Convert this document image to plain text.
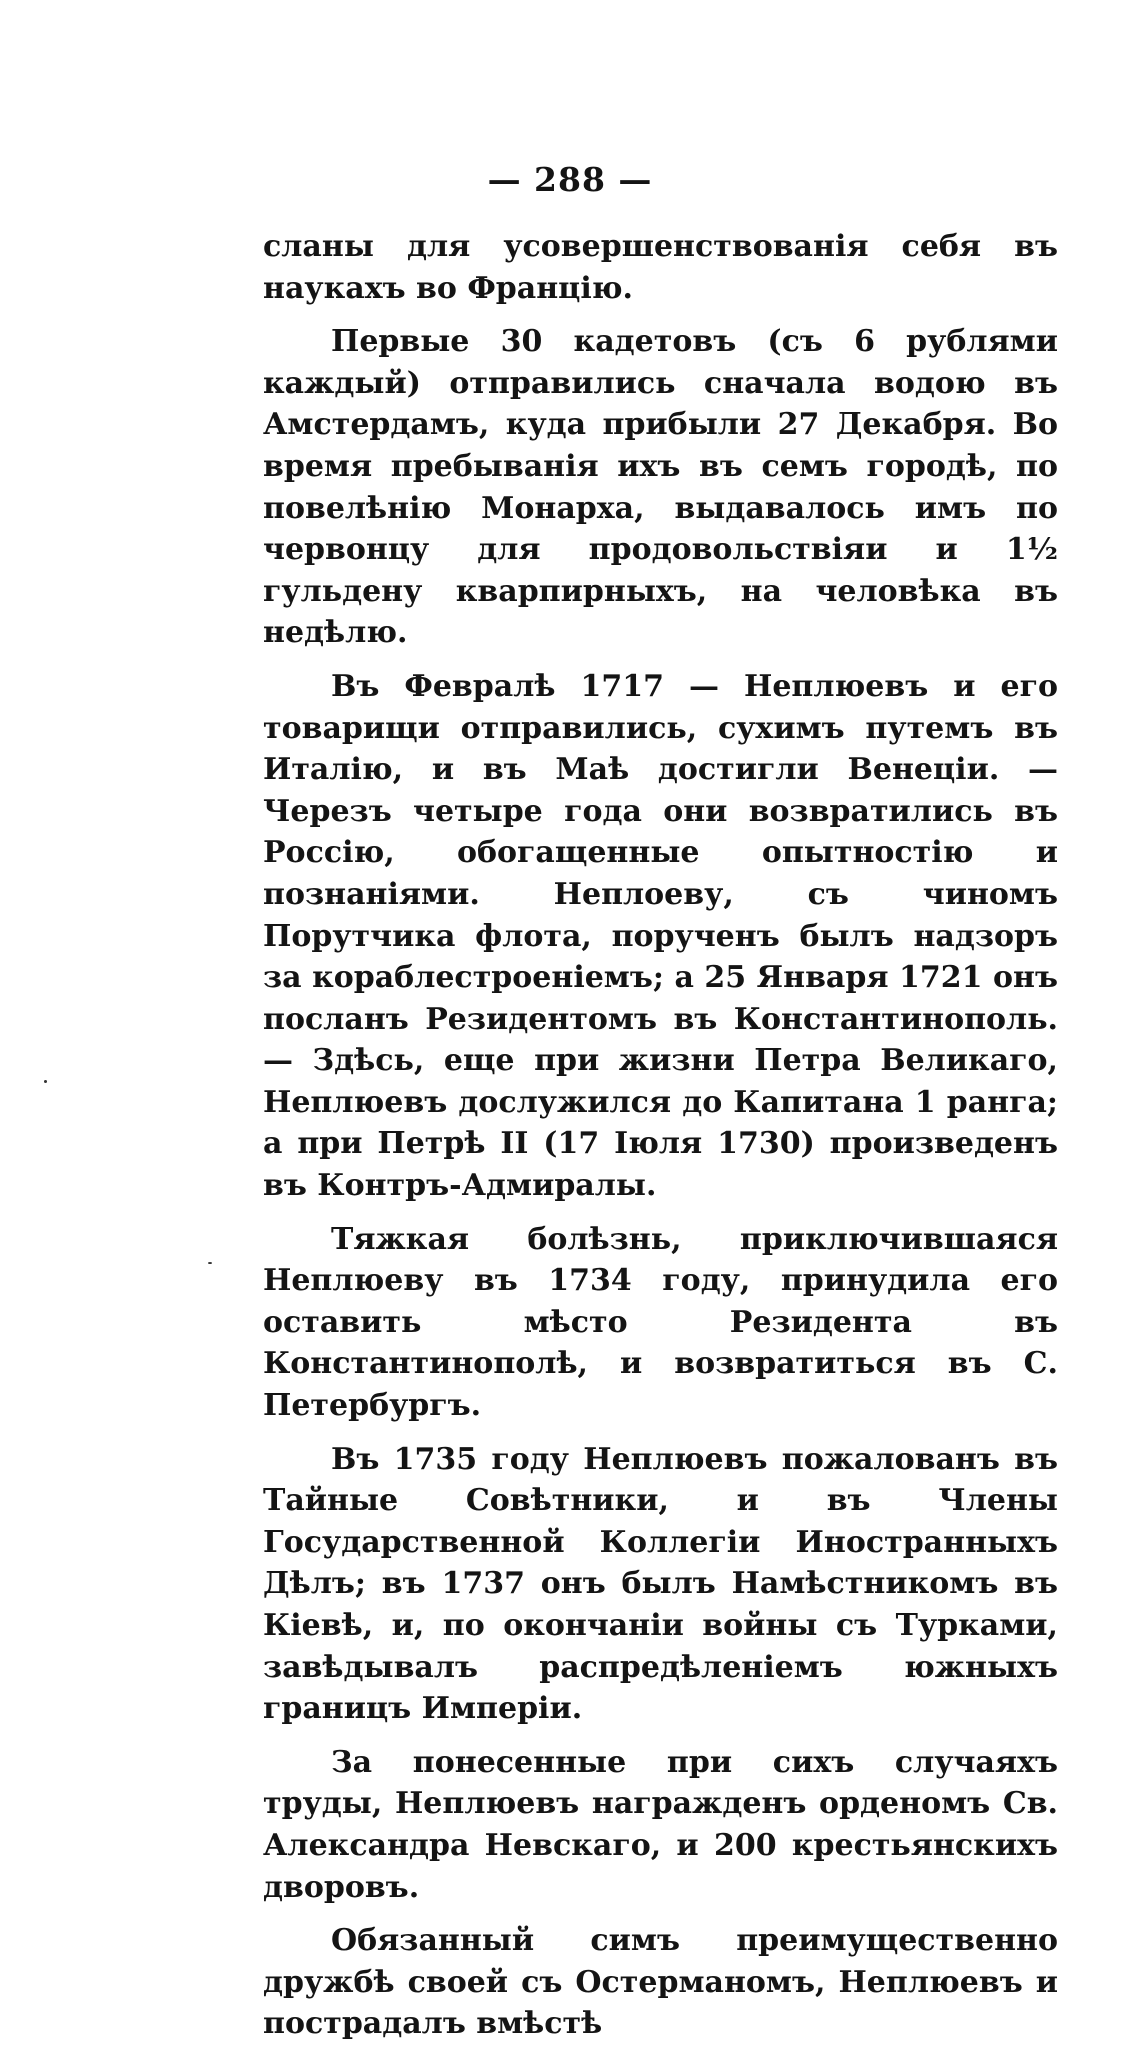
— 288 —

сланы для усовершенствованія себя въ наукахъ во Францію.

Первые 30 кадетовъ (съ 6 рублями каждый) отправились сначала водою въ Амстердамъ, куда прибыли 27 Декабря. Во время пребыванія ихъ въ семъ городѣ, по повелѣнію Монарха, выдавалось имъ по червонцу для продовольствіяи и 1½ гульдену кварпирныхъ, на человѣка въ недѣлю.

Въ Февралѣ 1717 — Неплюевъ и его товарищи отправились, сухимъ путемъ въ Италію, и въ Маѣ достигли Венеціи. — Черезъ четыре года они возвратились въ Россію, обогащенные опытностію и познаніями. Неплоеву, съ чиномъ Порутчика флота, порученъ былъ надзоръ за кораблестроеніемъ; а 25 Января 1721 онъ посланъ Резидентомъ въ Константинополь. — Здѣсь, еще при жизни Петра Великаго, Неплюевъ дослужился до Капитана 1 ранга; а при Петрѣ II (17 Іюля 1730) произведенъ въ Контръ-Адмиралы.

Тяжкая болѣзнь, приключившаяся Неплюеву въ 1734 году, принудила его оставить мѣсто Резидента въ Константинополѣ, и возвратиться въ С. Петербургъ.

Въ 1735 году Неплюевъ пожалованъ въ Тайные Совѣтники, и въ Члены Государственной Коллегіи Иностранныхъ Дѣлъ; въ 1737 онъ былъ Намѣстникомъ въ Кіевѣ, и, по окончаніи войны съ Турками, завѣдывалъ распредѣленіемъ южныхъ границъ Имперіи.

За понесенные при сихъ случаяхъ труды, Неплюевъ награжденъ орденомъ Св. Александра Невскаго, и 200 крестьянскихъ дворовъ.

Обязанный симъ преимущественно дружбѣ своей съ Остерманомъ, Неплюевъ и пострадалъ вмѣстѣ
